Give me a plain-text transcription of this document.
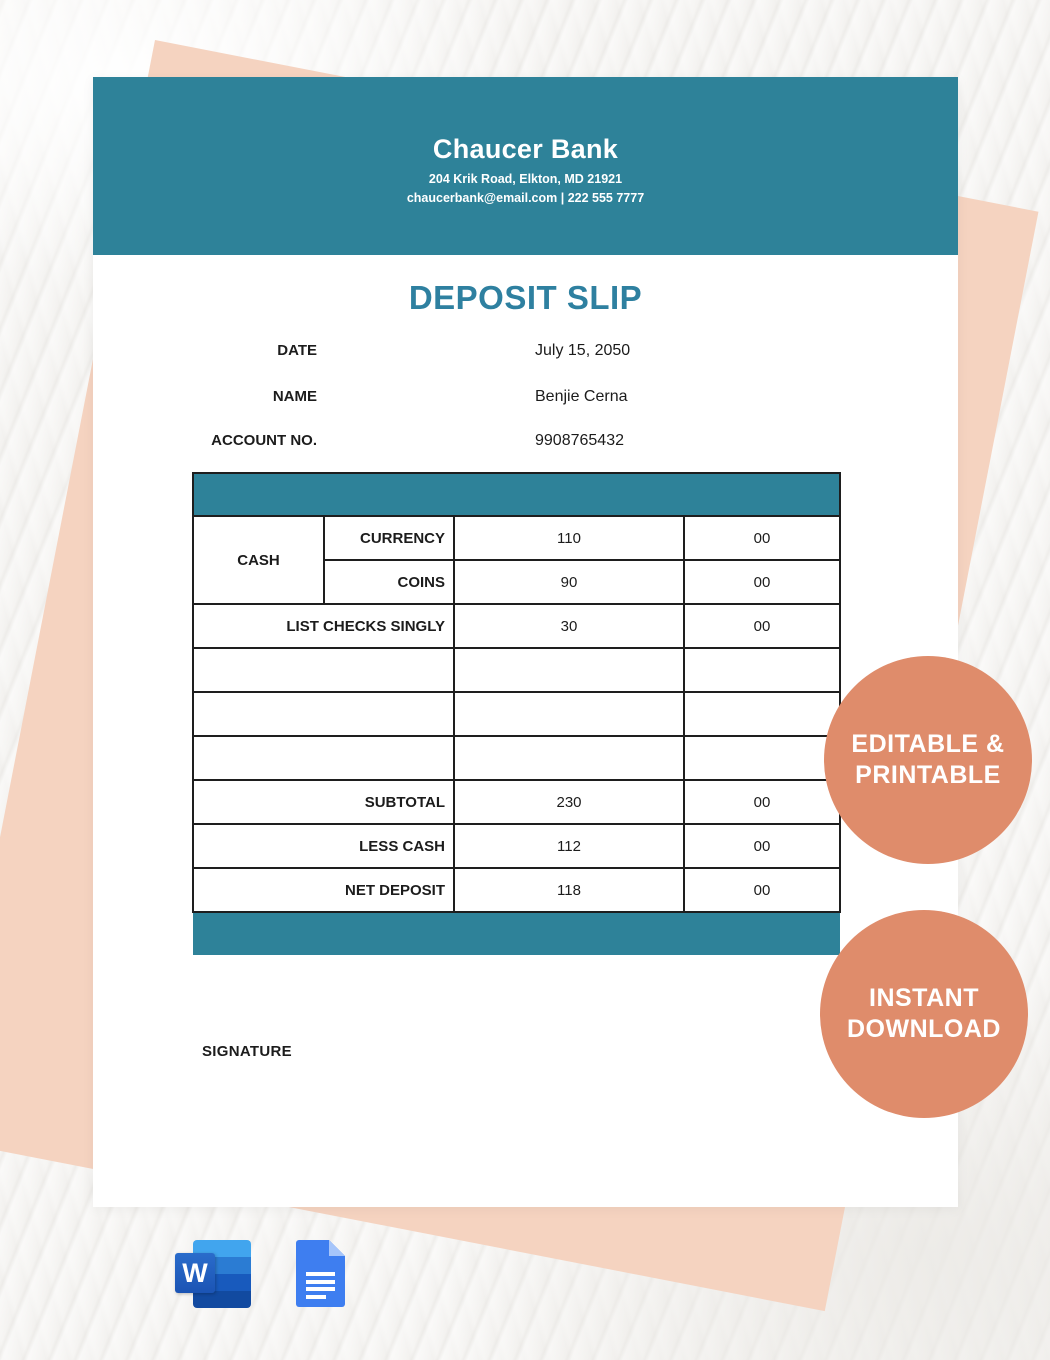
Chaucer Bank
204 Krik Road, Elkton, MD 21921
chaucerbank@email.com | 222 555 7777
DEPOSIT SLIP
DATE	July 15, 2050
NAME	Benjie Cerna
ACCOUNT NO.	9908765432

CASH	CURRENCY	110	00
	COINS	90	00
LIST CHECKS SINGLY		30	00

SUBTOTAL		230	00
LESS CASH		112	00
NET DEPOSIT		118	00

SIGNATURE
EDITABLE &
PRINTABLE
INSTANT
DOWNLOAD
W
